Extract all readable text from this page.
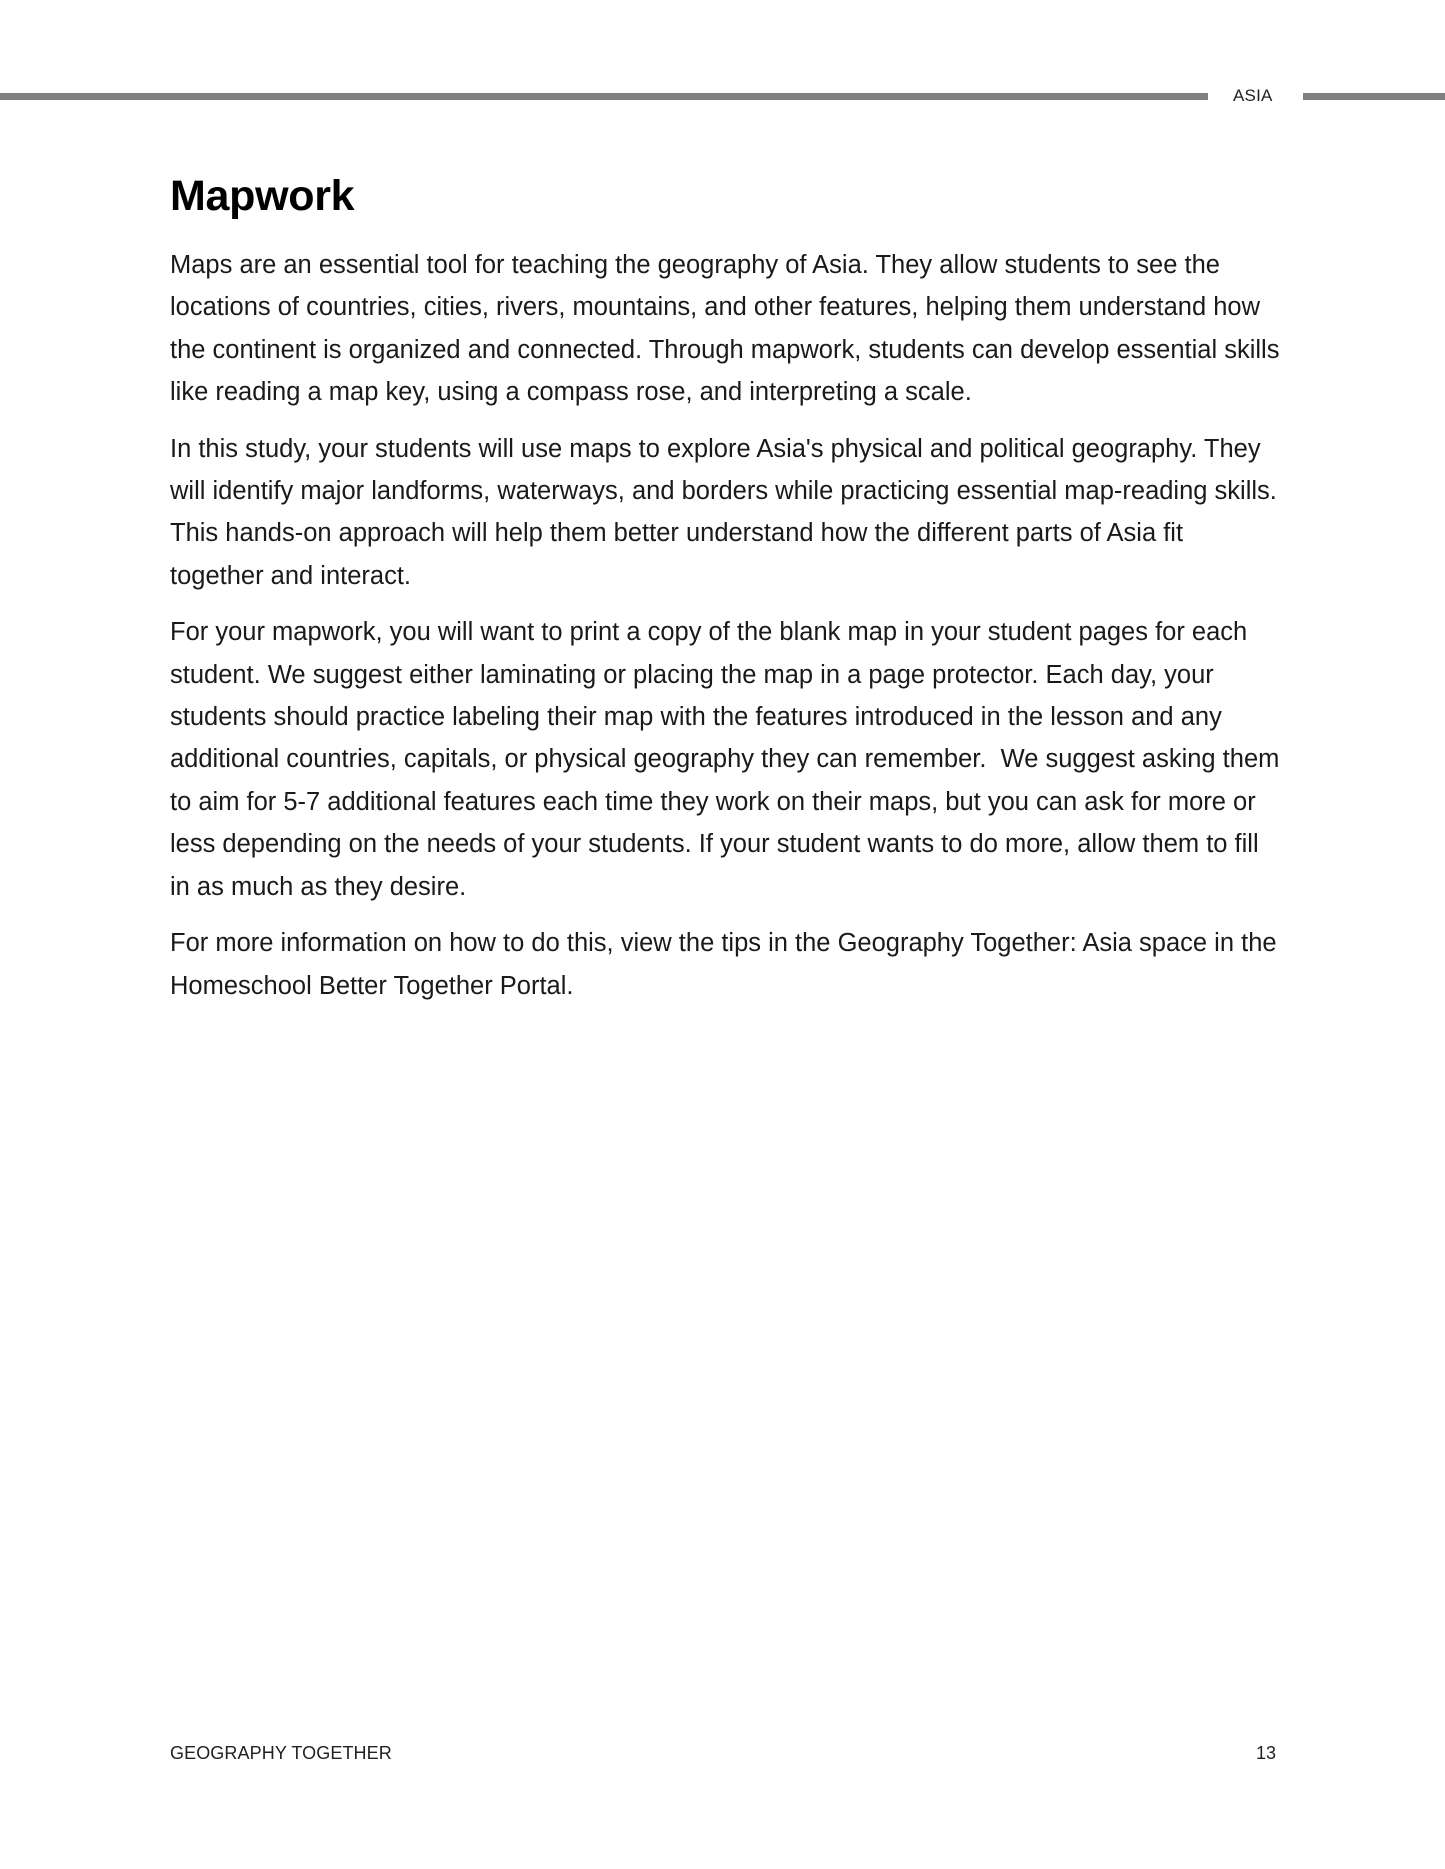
ASIA
Mapwork

Maps are an essential tool for teaching the geography of Asia. They allow students to see the locations of countries, cities, rivers, mountains, and other features, helping them understand how the continent is organized and connected. Through mapwork, students can develop essential skills like reading a map key, using a compass rose, and interpreting a scale.

In this study, your students will use maps to explore Asia's physical and political geography. They will identify major landforms, waterways, and borders while practicing essential map-reading skills. This hands-on approach will help them better understand how the different parts of Asia fit together and interact.

For your mapwork, you will want to print a copy of the blank map in your student pages for each student. We suggest either laminating or placing the map in a page protector. Each day, your students should practice labeling their map with the features introduced in the lesson and any additional countries, capitals, or physical geography they can remember.  We suggest asking them to aim for 5-7 additional features each time they work on their maps, but you can ask for more or less depending on the needs of your students. If your student wants to do more, allow them to fill in as much as they desire.

For more information on how to do this, view the tips in the Geography Together: Asia space in the Homeschool Better Together Portal.

GEOGRAPHY TOGETHER	13
